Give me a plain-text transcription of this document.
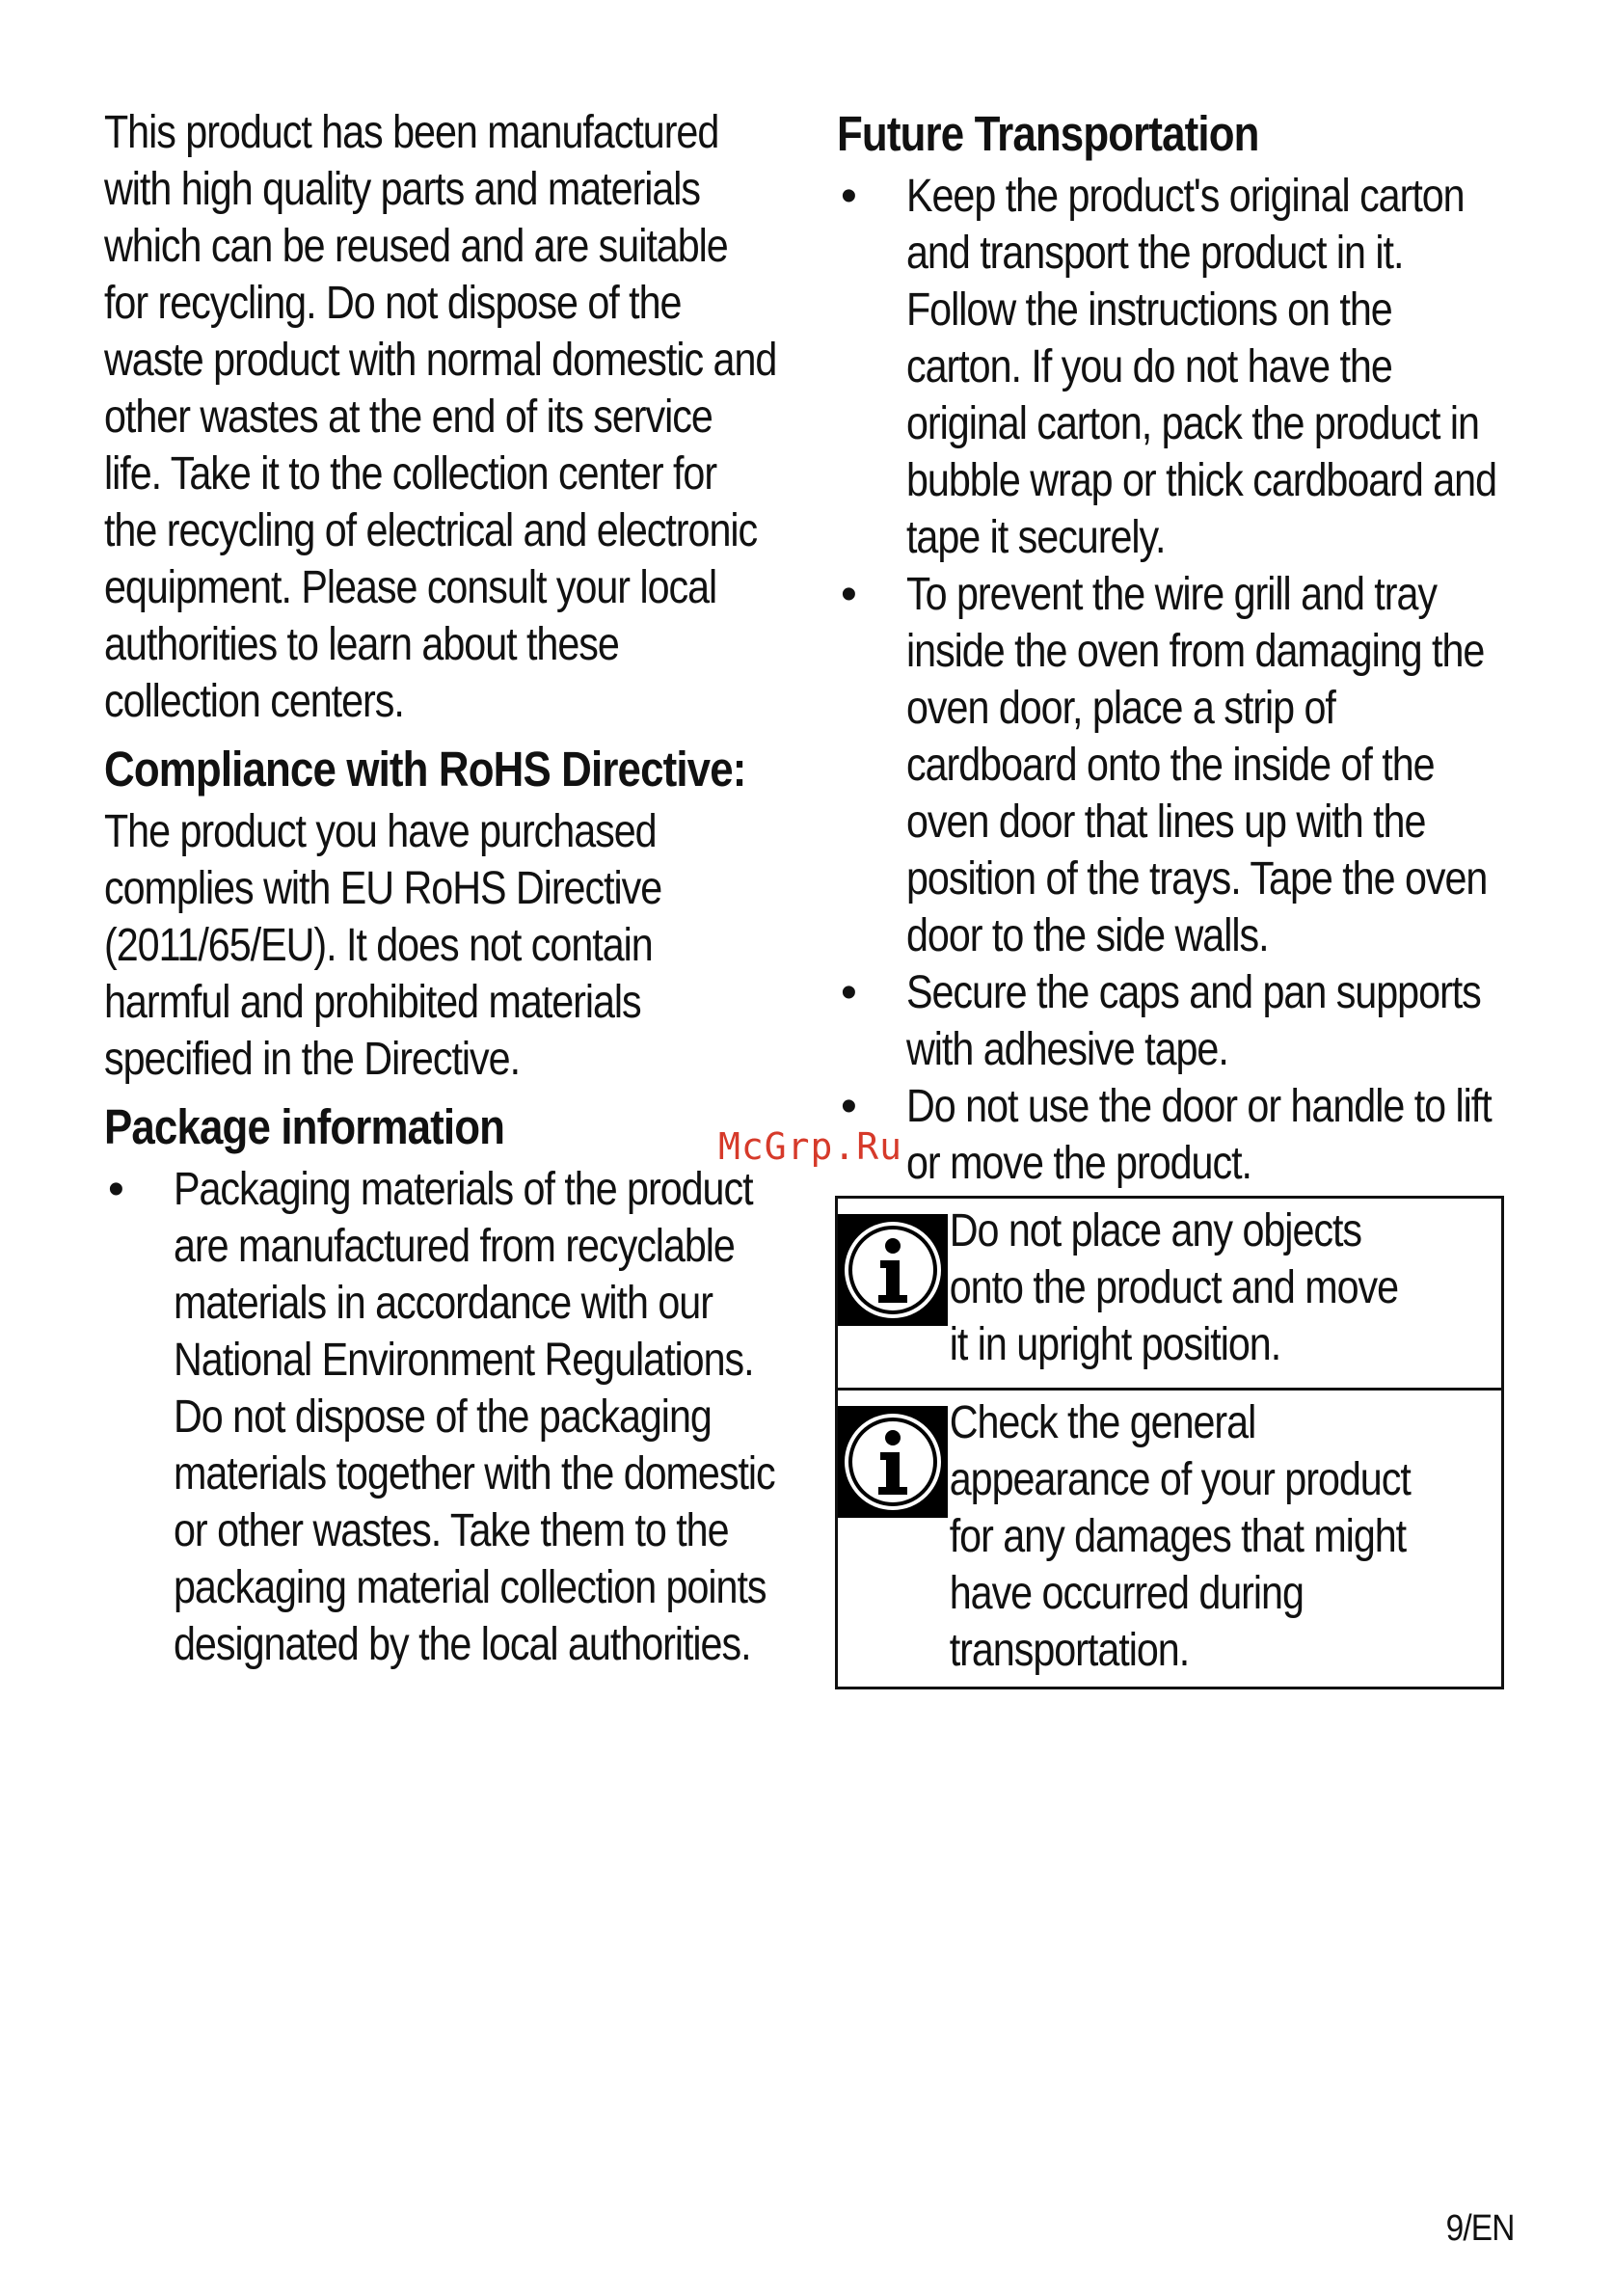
This product has been manufactured with high quality parts and materials which can be reused and are suitable for recycling. Do not dispose of the waste product with normal domestic and other wastes at the end of its service life. Take it to the collection center for the recycling of electrical and electronic equipment. Please consult your local authorities to learn about these collection centers.

Compliance with RoHS Directive:

The product you have purchased complies with EU RoHS Directive (2011/65/EU). It does not contain harmful and prohibited materials specified in the Directive.

Package information
• Packaging materials of the product are manufactured from recyclable materials in accordance with our National Environment Regulations. Do not dispose of the packaging materials together with the domestic or other wastes. Take them to the packaging material collection points designated by the local authorities.
Future Transportation
• Keep the product's original carton and transport the product in it. Follow the instructions on the carton. If you do not have the original carton, pack the product in bubble wrap or thick cardboard and tape it securely.
• To prevent the wire grill and tray inside the oven from damaging the oven door, place a strip of cardboard onto the inside of the oven door that lines up with the position of the trays. Tape the oven door to the side walls.
• Secure the caps and pan supports with adhesive tape.
• Do not use the door or handle to lift or move the product.
Do not place any objects onto the product and move it in upright position.
Check the general appearance of your product for any damages that might have occurred during transportation.
McGrp.Ru
9/EN
